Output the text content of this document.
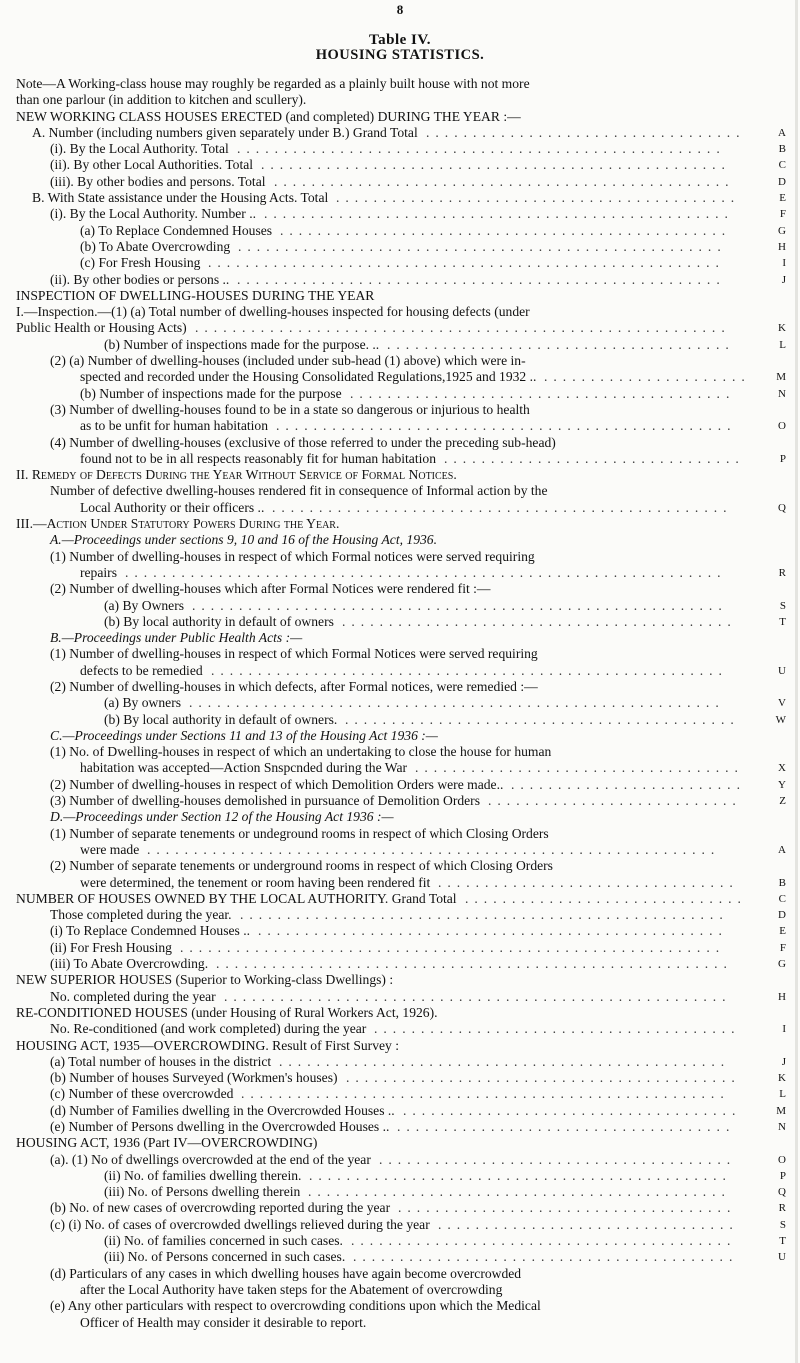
8
Table IV.
HOUSING STATISTICS.
Note—A Working-class house may roughly be regarded as a plainly built house with not more
than one parlour (in addition to kitchen and scullery).
NEW WORKING CLASS HOUSES ERECTED (and completed) DURING THE YEAR :—
..................................
A. Number (including numbers given separately under B.) Grand Total	A
....................................................
(i). By the Local Authority. Total	B
..................................................
(ii). By other Local Authorities. Total	C
.................................................
(iii). By other bodies and persons. Total	D
...........................................
B. With State assistance under the Housing Acts. Total	E
..................................................
(i). By the Local Authority. Number ..	F
................................................
(a) To Replace Condemned Houses	G
....................................................
(b) To Abate Overcrowding	H
.......................................................
(c) For Fresh Housing	I
....................................................
(ii). By other bodies or persons ..	J
INSPECTION OF DWELLING-HOUSES DURING THE YEAR
I.—Inspection.—(1) (a) Total number of dwelling-houses inspected for housing defects (under
.........................................................
Public Health or Housing Acts)	K
.....................................
(b) Number of inspections made for the purpose. ..	L
(2) (a) Number of dwelling-houses (included under sub-head (1) above) which were in-
......................
spected and recorded under the Housing Consolidated Regulations,1925 and 1932 ..	M
.........................................
(b) Number of inspections made for the purpose	N
(3) Number of dwelling-houses found to be in a state so dangerous or injurious to health
.................................................
as to be unfit for human habitation	O
(4) Number of dwelling-houses (exclusive of those referred to under the preceding sub-head)
................................
found not to be in all respects reasonably fit for human habitation	P
II. Remedy of Defects During the Year Without Service of Formal Notices.
Number of defective dwelling-houses rendered fit in consequence of Informal action by the
.................................................
Local Authority or their officers ..	Q
III.—Action Under Statutory Powers During the Year.
A.—Proceedings under sections 9, 10 and 16 of the Housing Act, 1936.
(1) Number of dwelling-houses in respect of which Formal notices were served requiring
................................................................
repairs	R
(2) Number of dwelling-houses which after Formal Notices were rendered fit :—
.........................................................
(a) By Owners	S
..........................................
(b) By local authority in default of owners	T
B.—Proceedings under Public Health Acts :—
(1) Number of dwelling-houses in respect of which Formal Notices were served requiring
.......................................................
defects to be remedied	U
(2) Number of dwelling-houses in which defects, after Formal notices, were remedied :—
.........................................................
(a) By owners	V
..........................................
(b) By local authority in default of owners.	W
C.—Proceedings under Sections 11 and 13 of the Housing Act 1936 :—
(1) No. of Dwelling-houses in respect of which an undertaking to close the house for human
...................................
habitation was accepted—Action Snspcnded during the War	X
.........................
(2) Number of dwelling-houses in respect of which Demolition Orders were made..	Y
...........................
(3) Number of dwelling-houses demolished in pursuance of Demolition Orders	Z
D.—Proceedings under Section 12 of the Housing Act 1936 :—
(1) Number of separate tenements or undeground rooms in respect of which Closing Orders
.............................................................
were made	A
(2) Number of separate tenements or underground rooms in respect of which Closing Orders
................................
were determined, the tenement or room having been rendered fit	B
..............................
NUMBER OF HOUSES OWNED BY THE LOCAL AUTHORITY. Grand Total	C
....................................................
Those completed during the year.	D
..................................................
(i) To Replace Condemned Houses ..	E
..........................................................
(ii) For Fresh Housing	F
.......................................................
(iii) To Abate Overcrowding.	G
NEW SUPERIOR HOUSES (Superior to Working-class Dwellings) :
......................................................
No. completed during the year	H
RE-CONDITIONED HOUSES (under Housing of Rural Workers Act, 1926).
.......................................
No. Re-conditioned (and work completed) during the year	I
HOUSING ACT, 1935—OVERCROWDING. Result of First Survey :
................................................
(a) Total number of houses in the district	J
..........................................
(b) Number of houses Surveyed (Workmen's houses)	K
....................................................
(c) Number of these overcrowded	L
....................................
(d) Number of Families dwelling in the Overcrowded Houses ..	M
....................................
(e) Number of Persons dwelling in the Overcrowded Houses ..	N
HOUSING ACT, 1936 (Part IV—OVERCROWDING)
......................................
(a). (1) No of dwellings overcrowded at the end of the year	O
.............................................
(ii) No. of families dwelling therein.	P
.............................................
(iii) No. of Persons dwelling therein	Q
....................................
(b) No. of new cases of overcrowding reported during the year	R
................................
(c) (i) No. of cases of overcrowded dwellings relieved during the year	S
.........................................
(ii) No. of families concerned in such cases.	T
.........................................
(iii) No. of Persons concerned in such cases.	U
(d) Particulars of any cases in which dwelling houses have again become overcrowded
after the Local Authority have taken steps for the Abatement of overcrowding
(e) Any other particulars with respect to overcrowding conditions upon which the Medical
Officer of Health may consider it desirable to report.
